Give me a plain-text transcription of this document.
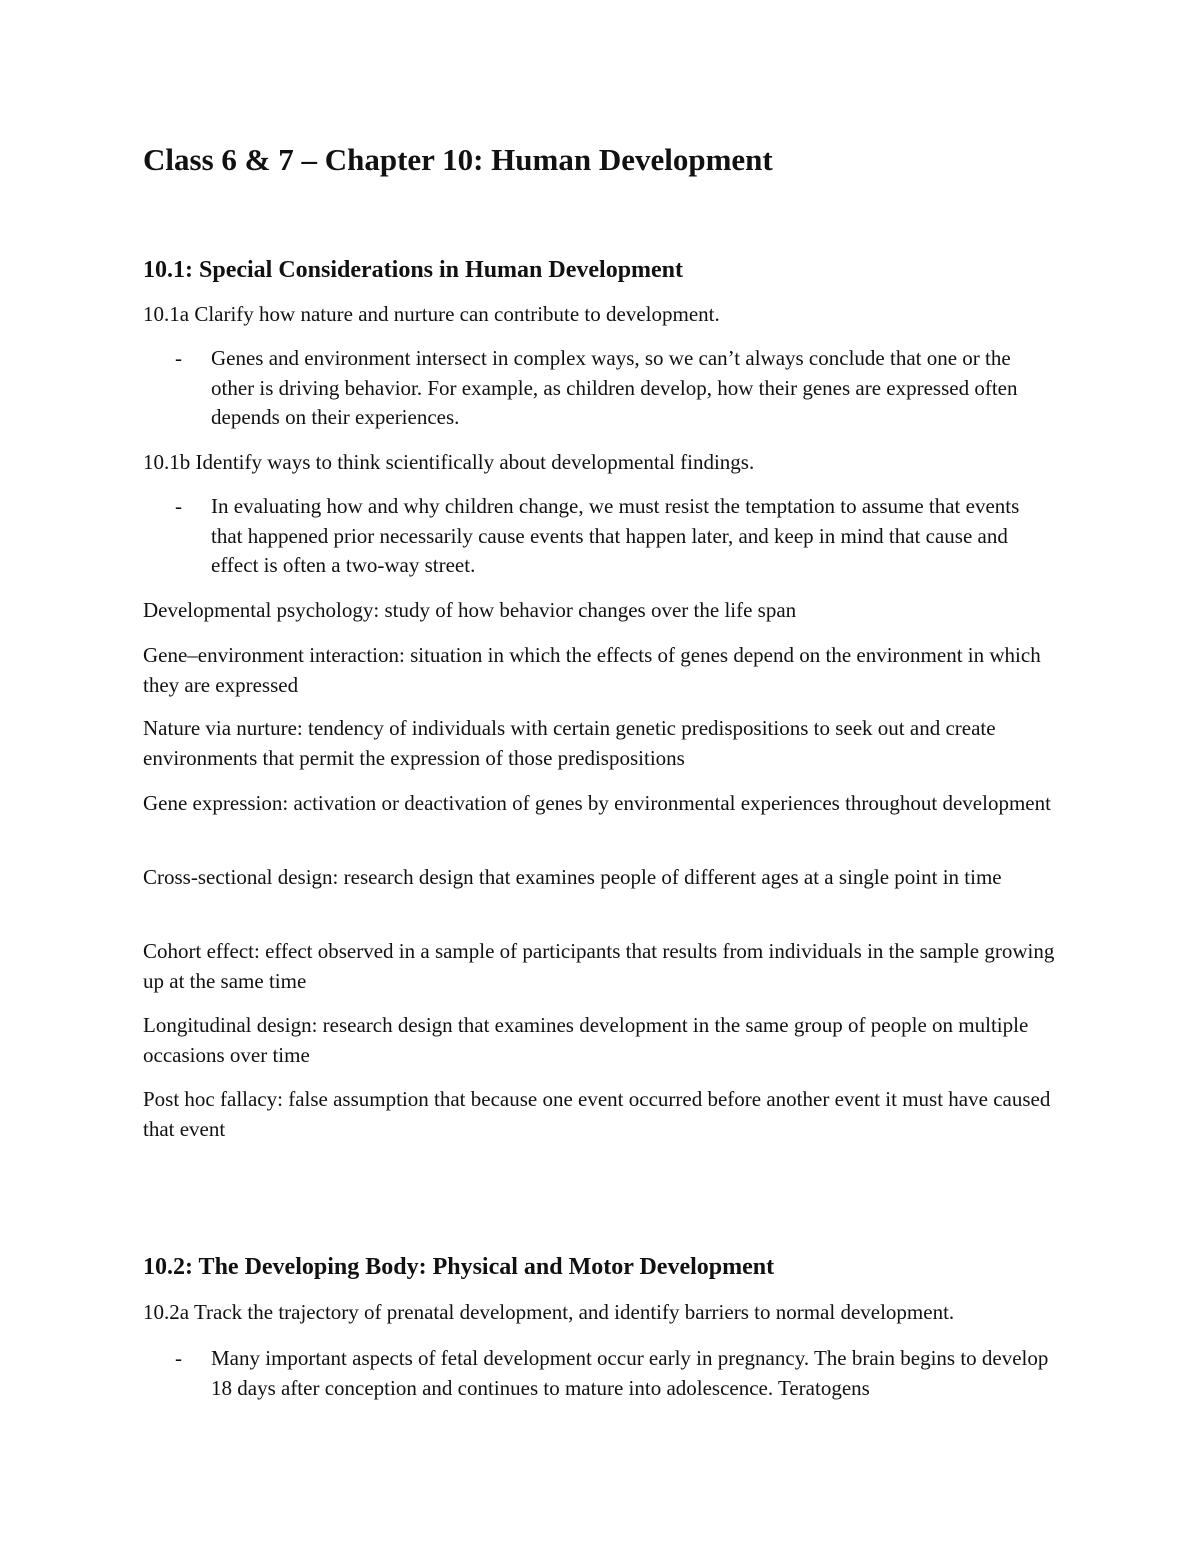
Class 6 & 7 – Chapter 10: Human Development
10.1: Special Considerations in Human Development

10.1a Clarify how nature and nurture can contribute to development.

-	Genes and environment intersect in complex ways, so we can’t always conclude that one or the other is driving behavior. For example, as children develop, how their genes are expressed often depends on their experiences.

10.1b Identify ways to think scientifically about developmental findings.

-	In evaluating how and why children change, we must resist the temptation to assume that events that happened prior necessarily cause events that happen later, and keep in mind that cause and effect is often a two-way street.

Developmental psychology: study of how behavior changes over the life span

Gene–environment interaction: situation in which the effects of genes depend on the environment in which they are expressed

Nature via nurture: tendency of individuals with certain genetic predispositions to seek out and create environments that permit the expression of those predispositions

Gene expression: activation or deactivation of genes by environmental experiences throughout development

Cross-sectional design: research design that examines people of different ages at a single point in time

Cohort effect: effect observed in a sample of participants that results from individuals in the sample growing up at the same time

Longitudinal design: research design that examines development in the same group of people on multiple occasions over time

Post hoc fallacy: false assumption that because one event occurred before another event it must have caused that event

10.2: The Developing Body: Physical and Motor Development

10.2a Track the trajectory of prenatal development, and identify barriers to normal development.

-	Many important aspects of fetal development occur early in pregnancy. The brain begins to develop 18 days after conception and continues to mature into adolescence. Teratogens
